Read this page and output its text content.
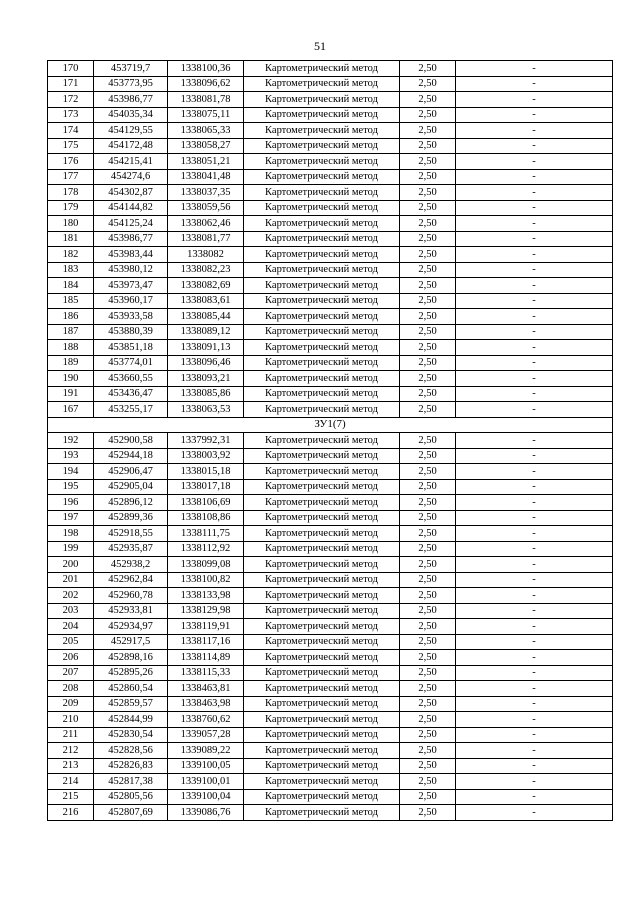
51
170	453719,7	1338100,36	Картометрический метод	2,50	-
171	453773,95	1338096,62	Картометрический метод	2,50	-
172	453986,77	1338081,78	Картометрический метод	2,50	-
173	454035,34	1338075,11	Картометрический метод	2,50	-
174	454129,55	1338065,33	Картометрический метод	2,50	-
175	454172,48	1338058,27	Картометрический метод	2,50	-
176	454215,41	1338051,21	Картометрический метод	2,50	-
177	454274,6	1338041,48	Картометрический метод	2,50	-
178	454302,87	1338037,35	Картометрический метод	2,50	-
179	454144,82	1338059,56	Картометрический метод	2,50	-
180	454125,24	1338062,46	Картометрический метод	2,50	-
181	453986,77	1338081,77	Картометрический метод	2,50	-
182	453983,44	1338082	Картометрический метод	2,50	-
183	453980,12	1338082,23	Картометрический метод	2,50	-
184	453973,47	1338082,69	Картометрический метод	2,50	-
185	453960,17	1338083,61	Картометрический метод	2,50	-
186	453933,58	1338085,44	Картометрический метод	2,50	-
187	453880,39	1338089,12	Картометрический метод	2,50	-
188	453851,18	1338091,13	Картометрический метод	2,50	-
189	453774,01	1338096,46	Картометрический метод	2,50	-
190	453660,55	1338093,21	Картометрический метод	2,50	-
191	453436,47	1338085,86	Картометрический метод	2,50	-
167	453255,17	1338063,53	Картометрический метод	2,50	-
ЗУ1(7)					
192	452900,58	1337992,31	Картометрический метод	2,50	-
193	452944,18	1338003,92	Картометрический метод	2,50	-
194	452906,47	1338015,18	Картометрический метод	2,50	-
195	452905,04	1338017,18	Картометрический метод	2,50	-
196	452896,12	1338106,69	Картометрический метод	2,50	-
197	452899,36	1338108,86	Картометрический метод	2,50	-
198	452918,55	1338111,75	Картометрический метод	2,50	-
199	452935,87	1338112,92	Картометрический метод	2,50	-
200	452938,2	1338099,08	Картометрический метод	2,50	-
201	452962,84	1338100,82	Картометрический метод	2,50	-
202	452960,78	1338133,98	Картометрический метод	2,50	-
203	452933,81	1338129,98	Картометрический метод	2,50	-
204	452934,97	1338119,91	Картометрический метод	2,50	-
205	452917,5	1338117,16	Картометрический метод	2,50	-
206	452898,16	1338114,89	Картометрический метод	2,50	-
207	452895,26	1338115,33	Картометрический метод	2,50	-
208	452860,54	1338463,81	Картометрический метод	2,50	-
209	452859,57	1338463,98	Картометрический метод	2,50	-
210	452844,99	1338760,62	Картометрический метод	2,50	-
211	452830,54	1339057,28	Картометрический метод	2,50	-
212	452828,56	1339089,22	Картометрический метод	2,50	-
213	452826,83	1339100,05	Картометрический метод	2,50	-
214	452817,38	1339100,01	Картометрический метод	2,50	-
215	452805,56	1339100,04	Картометрический метод	2,50	-
216	452807,69	1339086,76	Картометрический метод	2,50	-
